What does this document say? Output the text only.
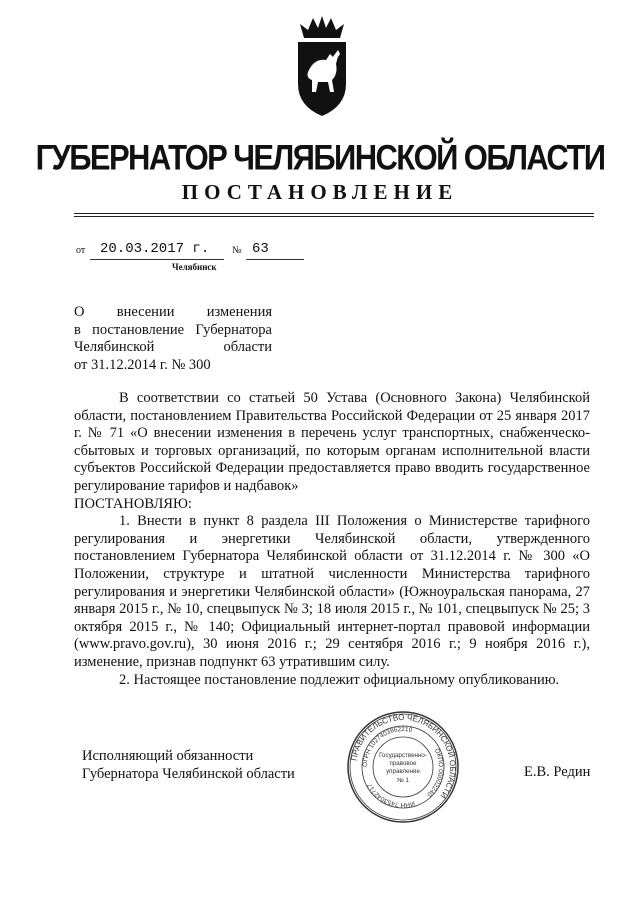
ГУБЕРНАТОР ЧЕЛЯБИНСКОЙ ОБЛАСТИ
ПОСТАНОВЛЕНИЕ
от 20.03.2017 г. № 63
Челябинск
О внесении изменения
в постановление Губернатора
Челябинской области
от 31.12.2014 г. № 300
В соответствии со статьей 50 Устава (Основного Закона) Челябинской области, постановлением Правительства Российской Федерации от 25 января 2017 г. № 71 «О внесении изменения в перечень услуг транспортных, снабженческо-сбытовых и торговых организаций, по которым органам исполнительной власти субъектов Российской Федерации предоставляется право вводить государственное регулирование тарифов и надбавок»
ПОСТАНОВЛЯЮ:
1. Внести в пункт 8 раздела III Положения о Министерстве тарифного регулирования и энергетики Челябинской области, утвержденного постановлением Губернатора Челябинской области от 31.12.2014 г. № 300 «О Положении, структуре и штатной численности Министерства тарифного регулирования и энергетики Челябинской области» (Южноуральская панорама, 27 января 2015 г., № 10, спецвыпуск № 3; 18 июля 2015 г., № 101, спецвыпуск № 25; 3 октября 2015 г., № 140; Официальный интернет-портал правовой информации (www.pravo.gov.ru), 30 июня 2016 г.; 29 сентября 2016 г.; 9 ноября 2016 г.), изменение, признав подпункт 63 утратившим силу.
2. Настоящее постановление подлежит официальному опубликованию.
Исполняющий обязанности
Губернатора Челябинской области
ПРАВИТЕЛЬСТВО ЧЕЛЯБИНСКОЙ ОБЛАСТИ
ОГРН 1027403862210
ОКПО 00002240
ИНН 7453042717
Государственно-
правовое
управление
№ 1
Е.В. Редин
